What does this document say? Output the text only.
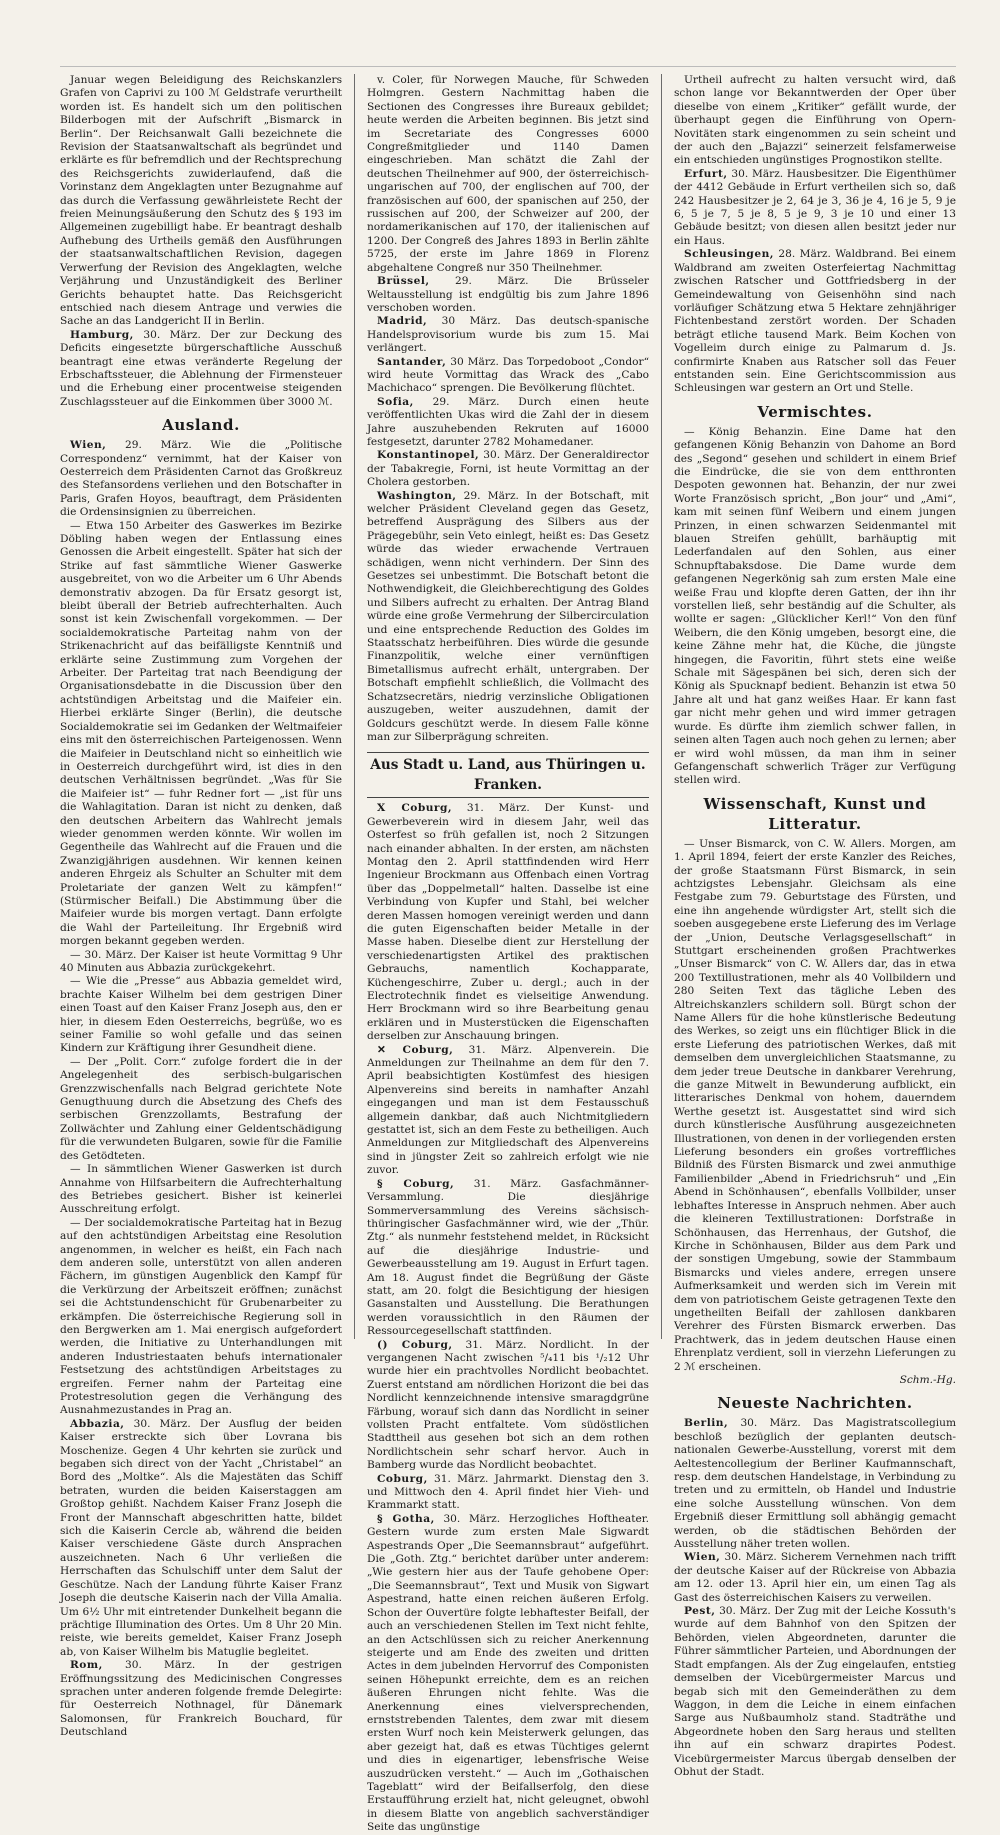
Januar wegen Beleidigung des Reichskanzlers Grafen von Caprivi zu 100 ℳ Geldstrafe verurtheilt worden ist. Es handelt sich um den politischen Bilderbogen mit der Aufschrift „Bismarck in Berlin“. Der Reichsanwalt Galli bezeichnete die Revision der Staatsanwaltschaft als begründet und erklärte es für befremdlich und der Rechtsprechung des Reichsgerichts zuwiderlaufend, daß die Vorinstanz dem Angeklagten unter Bezugnahme auf das durch die Verfassung gewährleistete Recht der freien Meinungsäußerung den Schutz des § 193 im Allgemeinen zugebilligt habe. Er beantragt deshalb Aufhebung des Urtheils gemäß den Ausführungen der staatsanwaltschaftlichen Revision, dagegen Verwerfung der Revision des Angeklagten, welche Verjährung und Unzuständigkeit des Berliner Gerichts behauptet hatte. Das Reichsgericht entschied nach diesem Antrage und verwies die Sache an das Landgericht II in Berlin.

Hamburg, 30. März. Der zur Deckung des Deficits eingesetzte bürgerschaftliche Ausschuß beantragt eine etwas veränderte Regelung der Erbschaftssteuer, die Ablehnung der Firmensteuer und die Erhebung einer procentweise steigenden Zuschlagssteuer auf die Einkommen über 3000 ℳ.

Ausland.

Wien, 29. März. Wie die „Politische Correspondenz“ vernimmt, hat der Kaiser von Oesterreich dem Präsidenten Carnot das Großkreuz des Stefansordens verliehen und den Botschafter in Paris, Grafen Hoyos, beauftragt, dem Präsidenten die Ordensinsignien zu überreichen.

— Etwa 150 Arbeiter des Gaswerkes im Bezirke Döbling haben wegen der Entlassung eines Genossen die Arbeit eingestellt. Später hat sich der Strike auf fast sämmtliche Wiener Gaswerke ausgebreitet, von wo die Arbeiter um 6 Uhr Abends demonstrativ abzogen. Da für Ersatz gesorgt ist, bleibt überall der Betrieb aufrechterhalten. Auch sonst ist kein Zwischenfall vorgekommen. — Der socialdemokratische Parteitag nahm von der Strikenachricht auf das beifälligste Kenntniß und erklärte seine Zustimmung zum Vorgehen der Arbeiter. Der Parteitag trat nach Beendigung der Organisationsdebatte in die Discussion über den achtstündigen Arbeitstag und die Maifeier ein. Hierbei erklärte Singer (Berlin), die deutsche Socialdemokratie sei im Gedanken der Weltmaifeier eins mit den österreichischen Parteigenossen. Wenn die Maifeier in Deutschland nicht so einheitlich wie in Oesterreich durchgeführt wird, ist dies in den deutschen Verhältnissen begründet. „Was für Sie die Maifeier ist“ — fuhr Redner fort — „ist für uns die Wahlagitation. Daran ist nicht zu denken, daß den deutschen Arbeitern das Wahlrecht jemals wieder genommen werden könnte. Wir wollen im Gegentheile das Wahlrecht auf die Frauen und die Zwanzigjährigen ausdehnen. Wir kennen keinen anderen Ehrgeiz als Schulter an Schulter mit dem Proletariate der ganzen Welt zu kämpfen!“ (Stürmischer Beifall.) Die Abstimmung über die Maifeier wurde bis morgen vertagt. Dann erfolgte die Wahl der Parteileitung. Ihr Ergebniß wird morgen bekannt gegeben werden.

— 30. März. Der Kaiser ist heute Vormittag 9 Uhr 40 Minuten aus Abbazia zurückgekehrt.

— Wie die „Presse“ aus Abbazia gemeldet wird, brachte Kaiser Wilhelm bei dem gestrigen Diner einen Toast auf den Kaiser Franz Joseph aus, den er hier, in diesem Eden Oesterreichs, begrüße, wo es seiner Familie so wohl gefalle und das seinen Kindern zur Kräftigung ihrer Gesundheit diene.

— Der „Polit. Corr.“ zufolge fordert die in der Angelegenheit des serbisch-bulgarischen Grenzzwischenfalls nach Belgrad gerichtete Note Genugthuung durch die Absetzung des Chefs des serbischen Grenzzollamts, Bestrafung der Zollwächter und Zahlung einer Geldentschädigung für die verwundeten Bulgaren, sowie für die Familie des Getödteten.

— In sämmtlichen Wiener Gaswerken ist durch Annahme von Hilfsarbeitern die Aufrechterhaltung des Betriebes gesichert. Bisher ist keinerlei Ausschreitung erfolgt.

— Der socialdemokratische Parteitag hat in Bezug auf den achtstündigen Arbeitstag eine Resolution angenommen, in welcher es heißt, ein Fach nach dem anderen solle, unterstützt von allen anderen Fächern, im günstigen Augenblick den Kampf für die Verkürzung der Arbeitszeit eröffnen; zunächst sei die Achtstundenschicht für Grubenarbeiter zu erkämpfen. Die österreichische Regierung soll in den Bergwerken am 1. Mai energisch aufgefordert werden, die Initiative zu Unterhandlungen mit anderen Industriestaaten behufs internationaler Festsetzung des achtstündigen Arbeitstages zu ergreifen. Ferner nahm der Parteitag eine Protestresolution gegen die Verhängung des Ausnahmezustandes in Prag an.

Abbazia, 30. März. Der Ausflug der beiden Kaiser erstreckte sich über Lovrana bis Moschenize. Gegen 4 Uhr kehrten sie zurück und begaben sich direct von der Yacht „Christabel“ an Bord des „Moltke“. Als die Majestäten das Schiff betraten, wurden die beiden Kaiserstaggen am Großtop gehißt. Nachdem Kaiser Franz Joseph die Front der Mannschaft abgeschritten hatte, bildet sich die Kaiserin Cercle ab, während die beiden Kaiser verschiedene Gäste durch Ansprachen auszeichneten. Nach 6 Uhr verließen die Herrschaften das Schulschiff unter dem Salut der Geschütze. Nach der Landung führte Kaiser Franz Joseph die deutsche Kaiserin nach der Villa Amalia. Um 6½ Uhr mit eintretender Dunkelheit begann die prächtige Illumination des Ortes. Um 8 Uhr 20 Min. reiste, wie bereits gemeldet, Kaiser Franz Joseph ab, von Kaiser Wilhelm bis Matuglie begleitet.

Rom, 30. März. In der gestrigen Eröffnungssitzung des Medicinischen Congresses sprachen unter anderen folgende fremde Delegirte: für Oesterreich Nothnagel, für Dänemark Salomonsen, für Frankreich Bouchard, für Deutschland

v. Coler, für Norwegen Mauche, für Schweden Holmgren. Gestern Nachmittag haben die Sectionen des Congresses ihre Bureaux gebildet; heute werden die Arbeiten beginnen. Bis jetzt sind im Secretariate des Congresses 6000 Congreßmitglieder und 1140 Damen eingeschrieben. Man schätzt die Zahl der deutschen Theilnehmer auf 900, der österreichisch-ungarischen auf 700, der englischen auf 700, der französischen auf 600, der spanischen auf 250, der russischen auf 200, der Schweizer auf 200, der nordamerikanischen auf 170, der italienischen auf 1200. Der Congreß des Jahres 1893 in Berlin zählte 5725, der erste im Jahre 1869 in Florenz abgehaltene Congreß nur 350 Theilnehmer.

Brüssel, 29. März. Die Brüsseler Weltausstellung ist endgültig bis zum Jahre 1896 verschoben worden.

Madrid, 30 März. Das deutsch-spanische Handelsprovisorium wurde bis zum 15. Mai verlängert.

Santander, 30 März. Das Torpedoboot „Condor“ wird heute Vormittag das Wrack des „Cabo Machichaco“ sprengen. Die Bevölkerung flüchtet.

Sofia, 29. März. Durch einen heute veröffentlichten Ukas wird die Zahl der in diesem Jahre auszuhebenden Rekruten auf 16000 festgesetzt, darunter 2782 Mohamedaner.

Konstantinopel, 30. März. Der Generaldirector der Tabakregie, Forni, ist heute Vormittag an der Cholera gestorben.

Washington, 29. März. In der Botschaft, mit welcher Präsident Cleveland gegen das Gesetz, betreffend Ausprägung des Silbers aus der Prägegebühr, sein Veto einlegt, heißt es: Das Gesetz würde das wieder erwachende Vertrauen schädigen, wenn nicht verhindern. Der Sinn des Gesetzes sei unbestimmt. Die Botschaft betont die Nothwendigkeit, die Gleichberechtigung des Goldes und Silbers aufrecht zu erhalten. Der Antrag Bland würde eine große Vermehrung der Silbercirculation und eine entsprechende Reduction des Goldes im Staatsschatz herbeiführen. Dies würde die gesunde Finanzpolitik, welche einer vernünftigen Bimetallismus aufrecht erhält, untergraben. Der Botschaft empfiehlt schließlich, die Vollmacht des Schatzsecretärs, niedrig verzinsliche Obligationen auszugeben, weiter auszudehnen, damit der Goldcurs geschützt werde. In diesem Falle könne man zur Silberprägung schreiten.

Aus Stadt u. Land, aus Thüringen u. Franken.

X Coburg, 31. März. Der Kunst- und Gewerbeverein wird in diesem Jahr, weil das Osterfest so früh gefallen ist, noch 2 Sitzungen nach einander abhalten. In der ersten, am nächsten Montag den 2. April stattfindenden wird Herr Ingenieur Brockmann aus Offenbach einen Vortrag über das „Doppelmetall“ halten. Dasselbe ist eine Verbindung von Kupfer und Stahl, bei welcher deren Massen homogen vereinigt werden und dann die guten Eigenschaften beider Metalle in der Masse haben. Dieselbe dient zur Herstellung der verschiedenartigsten Artikel des praktischen Gebrauchs, namentlich Kochapparate, Küchengeschirre, Zuber u. dergl.; auch in der Electrotechnik findet es vielseitige Anwendung. Herr Brockmann wird so ihre Bearbeitung genau erklären und in Musterstücken die Eigenschaften derselben zur Anschauung bringen.

✕ Coburg, 31. März. Alpenverein. Die Anmeldungen zur Theilnahme an dem für den 7. April beabsichtigten Kostümfest des hiesigen Alpenvereins sind bereits in namhafter Anzahl eingegangen und man ist dem Festausschuß allgemein dankbar, daß auch Nichtmitgliedern gestattet ist, sich an dem Feste zu betheiligen. Auch Anmeldungen zur Mitgliedschaft des Alpenvereins sind in jüngster Zeit so zahlreich erfolgt wie nie zuvor.

§ Coburg, 31. März. Gasfachmänner-Versammlung. Die diesjährige Sommerversammlung des Vereins sächsisch-thüringischer Gasfachmänner wird, wie der „Thür. Ztg.“ als nunmehr feststehend meldet, in Rücksicht auf die diesjährige Industrie- und Gewerbeausstellung am 19. August in Erfurt tagen. Am 18. August findet die Begrüßung der Gäste statt, am 20. folgt die Besichtigung der hiesigen Gasanstalten und Ausstellung. Die Berathungen werden voraussichtlich in den Räumen der Ressourcegesellschaft stattfinden.

() Coburg, 31. März. Nordlicht. In der vergangenen Nacht zwischen ⁵/₄11 bis ¹/₂12 Uhr wurde hier ein prachtvolles Nordlicht beobachtet. Zuerst entstand am nördlichen Horizont die bei das Nordlicht kennzeichnende intensive smaragdgrüne Färbung, worauf sich dann das Nordlicht in seiner vollsten Pracht entfaltete. Vom südöstlichen Stadttheil aus gesehen bot sich an dem rothen Nordlichtschein sehr scharf hervor. Auch in Bamberg wurde das Nordlicht beobachtet.

Coburg, 31. März. Jahrmarkt. Dienstag den 3. und Mittwoch den 4. April findet hier Vieh- und Krammarkt statt.

§ Gotha, 30. März. Herzogliches Hoftheater. Gestern wurde zum ersten Male Sigwardt Aspestrands Oper „Die Seemannsbraut“ aufgeführt. Die „Goth. Ztg.“ berichtet darüber unter anderem: „Wie gestern hier aus der Taufe gehobene Oper: „Die Seemannsbraut“, Text und Musik von Sigwart Aspestrand, hatte einen reichen äußeren Erfolg. Schon der Ouvertüre folgte lebhaftester Beifall, der auch an verschiedenen Stellen im Text nicht fehlte, an den Actschlüssen sich zu reicher Anerkennung steigerte und am Ende des zweiten und dritten Actes in dem jubelnden Hervorruf des Componisten seinen Höhepunkt erreichte, dem es an reichen äußeren Ehrungen nicht fehlte. Was die Anerkennung eines vielversprechenden, ernststrebenden Talentes, dem zwar mit diesem ersten Wurf noch kein Meisterwerk gelungen, das aber gezeigt hat, daß es etwas Tüchtiges gelernt und dies in eigenartiger, lebensfrische Weise auszudrücken versteht.“ — Auch im „Gothaischen Tageblatt“ wird der Beifallserfolg, den diese Erstaufführung erzielt hat, nicht geleugnet, obwohl in diesem Blatte von angeblich sachverständiger Seite das ungünstige

Urtheil aufrecht zu halten versucht wird, daß schon lange vor Bekanntwerden der Oper über dieselbe von einem „Kritiker“ gefällt wurde, der überhaupt gegen die Einführung von Opern-Novitäten stark eingenommen zu sein scheint und der auch den „Bajazzi“ seinerzeit felsfamerweise ein entschieden ungünstiges Prognostikon stellte.

Erfurt, 30. März. Hausbesitzer. Die Eigenthümer der 4412 Gebäude in Erfurt vertheilen sich so, daß 242 Hausbesitzer je 2, 64 je 3, 36 je 4, 16 je 5, 9 je 6, 5 je 7, 5 je 8, 5 je 9, 3 je 10 und einer 13 Gebäude besitzt; von diesen allen besitzt jeder nur ein Haus.

Schleusingen, 28. März. Waldbrand. Bei einem Waldbrand am zweiten Osterfeiertag Nachmittag zwischen Ratscher und Gottfriedsberg in der Gemeindewaltung von Geisenhöhn sind nach vorläufiger Schätzung etwa 5 Hektare zehnjähriger Fichtenbestand zerstört worden. Der Schaden beträgt etliche tausend Mark. Beim Kochen von Vogelleim durch einige zu Palmarum d. Js. confirmirte Knaben aus Ratscher soll das Feuer entstanden sein. Eine Gerichtscommission aus Schleusingen war gestern an Ort und Stelle.

Vermischtes.

— König Behanzin. Eine Dame hat den gefangenen König Behanzin von Dahome an Bord des „Segond“ gesehen und schildert in einem Brief die Eindrücke, die sie von dem entthronten Despoten gewonnen hat. Behanzin, der nur zwei Worte Französisch spricht, „Bon jour“ und „Ami“, kam mit seinen fünf Weibern und einem jungen Prinzen, in einen schwarzen Seidenmantel mit blauen Streifen gehüllt, barhäuptig mit Lederfandalen auf den Sohlen, aus einer Schnupftabaksdose. Die Dame wurde dem gefangenen Negerkönig sah zum ersten Male eine weiße Frau und klopfte deren Gatten, der ihn ihr vorstellen ließ, sehr beständig auf die Schulter, als wollte er sagen: „Glücklicher Kerl!“ Von den fünf Weibern, die den König umgeben, besorgt eine, die keine Zähne mehr hat, die Küche, die jüngste hingegen, die Favoritin, führt stets eine weiße Schale mit Sägespänen bei sich, deren sich der König als Spucknapf bedient. Behanzin ist etwa 50 Jahre alt und hat ganz weißes Haar. Er kann fast gar nicht mehr gehen und wird immer getragen wurde. Es dürfte ihm ziemlich schwer fallen, in seinen alten Tagen auch noch gehen zu lernen; aber er wird wohl müssen, da man ihm in seiner Gefangenschaft schwerlich Träger zur Verfügung stellen wird.

Wissenschaft, Kunst und Litteratur.

— Unser Bismarck, von C. W. Allers. Morgen, am 1. April 1894, feiert der erste Kanzler des Reiches, der große Staatsmann Fürst Bismarck, in sein achtzigstes Lebensjahr. Gleichsam als eine Festgabe zum 79. Geburtstage des Fürsten, und eine ihn angehende würdigster Art, stellt sich die soeben ausgegebene erste Lieferung des im Verlage der „Union, Deutsche Verlagsgesellschaft“ in Stuttgart erscheinenden großen Prachtwerkes „Unser Bismarck“ von C. W. Allers dar, das in etwa 200 Textillustrationen, mehr als 40 Vollbildern und 280 Seiten Text das tägliche Leben des Altreichskanzlers schildern soll. Bürgt schon der Name Allers für die hohe künstlerische Bedeutung des Werkes, so zeigt uns ein flüchtiger Blick in die erste Lieferung des patriotischen Werkes, daß mit demselben dem unvergleichlichen Staatsmanne, zu dem jeder treue Deutsche in dankbarer Verehrung, die ganze Mitwelt in Bewunderung aufblickt, ein litterarisches Denkmal von hohem, dauerndem Werthe gesetzt ist. Ausgestattet sind wird sich durch künstlerische Ausführung ausgezeichneten Illustrationen, von denen in der vorliegenden ersten Lieferung besonders ein großes vortreffliches Bildniß des Fürsten Bismarck und zwei anmuthige Familienbilder „Abend in Friedrichsruh“ und „Ein Abend in Schönhausen“, ebenfalls Vollbilder, unser lebhaftes Interesse in Anspruch nehmen. Aber auch die kleineren Textillustrationen: Dorfstraße in Schönhausen, das Herrenhaus, der Gutshof, die Kirche in Schönhausen, Bilder aus dem Park und der sonstigen Umgebung, sowie der Stammbaum Bismarcks und vieles andere, erregen unsere Aufmerksamkeit und werden sich im Verein mit dem von patriotischem Geiste getragenen Texte den ungetheilten Beifall der zahllosen dankbaren Verehrer des Fürsten Bismarck erwerben. Das Prachtwerk, das in jedem deutschen Hause einen Ehrenplatz verdient, soll in vierzehn Lieferungen zu 2 ℳ erscheinen.

Schm.-Hg.

Neueste Nachrichten.

Berlin, 30. März. Das Magistratscollegium beschloß bezüglich der geplanten deutsch-nationalen Gewerbe-Ausstellung, vorerst mit dem Aeltestencollegium der Berliner Kaufmannschaft, resp. dem deutschen Handelstage, in Verbindung zu treten und zu ermitteln, ob Handel und Industrie eine solche Ausstellung wünschen. Von dem Ergebniß dieser Ermittlung soll abhängig gemacht werden, ob die städtischen Behörden der Ausstellung näher treten wollen.

Wien, 30. März. Sicherem Vernehmen nach trifft der deutsche Kaiser auf der Rückreise von Abbazia am 12. oder 13. April hier ein, um einen Tag als Gast des österreichischen Kaisers zu verweilen.

Pest, 30. März. Der Zug mit der Leiche Kossuth's wurde auf dem Bahnhof von den Spitzen der Behörden, vielen Abgeordneten, darunter die Führer sämmtlicher Parteien, und Abordnungen der Stadt empfangen. Als der Zug eingelaufen, entstieg demselben der Vicebürgermeister Marcus und begab sich mit den Gemeinderäthen zu dem Waggon, in dem die Leiche in einem einfachen Sarge aus Nußbaumholz stand. Stadträthe und Abgeordnete hoben den Sarg heraus und stellten ihn auf ein schwarz drapirtes Podest. Vicebürgermeister Marcus übergab denselben der Obhut der Stadt.
